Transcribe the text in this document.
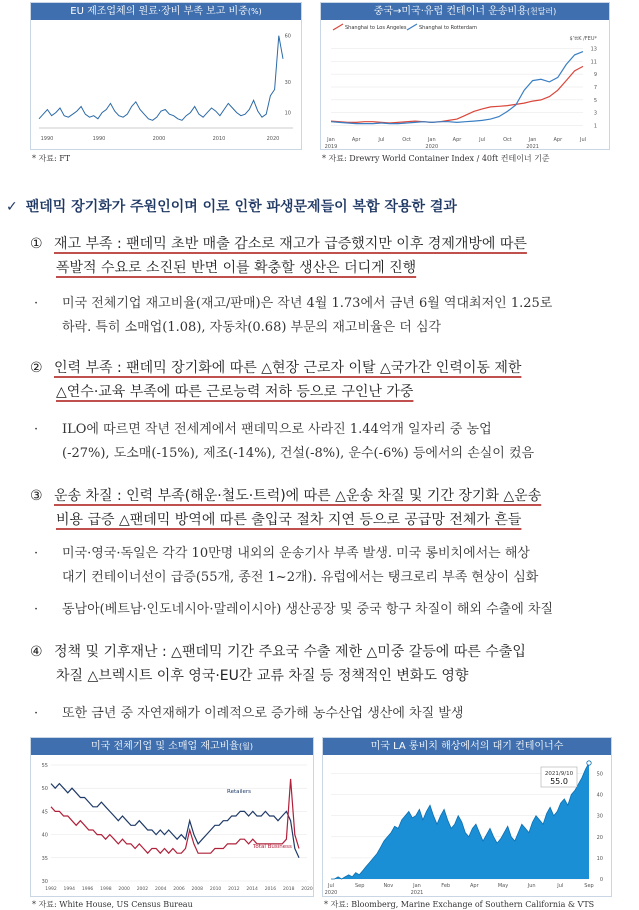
EU 제조업체의 원료·장비 부족 보고 비중(%)
10
30
60
1990	1990	2000	2010	2020
* 자료: FT
중국→미국·유럽 컨테이너 운송비용(천달러)
1
3
5
7
9
11
13
$’ttK /FEU*
Shanghai to Los Angeles	Shanghai to Rotterdam
Jan
2019
Apr	Jul	Oct	Jan
2020
Apr	Jul	Oct	Jan
2021
Apr	Jul
* 자료: Drewry World Container Index / 40ft 컨테이너 기준
✓ 팬데믹 장기화가 주원인이며 이로 인한 파생문제들이 복합 작용한 결과
① 재고 부족 : 팬데믹 초반 매출 감소로 재고가 급증했지만 이후 경제개방에 따른
폭발적 수요로 소진된 반면 이를 확충할 생산은 더디게 진행
·	미국 전체기업 재고비율(재고/판매)은 작년 4월 1.73에서 금년 6월 역대최저인 1.25로
하락. 특히 소매업(1.08), 자동차(0.68) 부문의 재고비율은 더 심각
② 인력 부족 : 팬데믹 장기화에 따른 △현장 근로자 이탈 △국가간 인력이동 제한
△연수·교육 부족에 따른 근로능력 저하 등으로 구인난 가중
·	ILO에 따르면 작년 전세계에서 팬데믹으로 사라진 1.44억개 일자리 중 농업
(-27%), 도소매(-15%), 제조(-14%), 건설(-8%), 운수(-6%) 등에서의 손실이 컸음
③ 운송 차질 : 인력 부족(해운·철도·트럭)에 따른 △운송 차질 및 기간 장기화 △운송
비용 급증 △팬데믹 방역에 따른 출입국 절차 지연 등으로 공급망 전체가 흔들
·	미국·영국·독일은 각각 10만명 내외의 운송기사 부족 발생. 미국 롱비치에서는 해상
대기 컨테이너선이 급증(55개, 종전 1~2개). 유럽에서는 탱크로리 부족 현상이 심화
·	동남아(베트남·인도네시아·말레이시아) 생산공장 및 중국 항구 차질이 해외 수출에 차질
④ 정책 및 기후재난 : △팬데믹 기간 주요국 수출 제한 △미중 갈등에 따른 수출입
차질 △브렉시트 이후 영국·EU간 교류 차질 등 정책적인 변화도 영향
·	또한 금년 중 자연재해가 이례적으로 증가해 농수산업 생산에 차질 발생
미국 전체기업 및 소매업 재고비율(월)
30
35
40
45
50
55
1992 1994 1996 1998 2000 2002 2004 2006 2008 2010 2012 2014 2016 2018 2020
Retailers
Total Business
* 자료: White House, US Census Bureau
미국 LA 롱비치 해상에서의 대기 컨테이너수
0
10
20
30
40
50
Jul
2020
Sep	Nov	Jan
2021
Feb	Apr	May	Jun	Jul	Sep
2021/9/10
55.0
* 자료: Bloomberg, Marine Exchange of Southern California & VTS
